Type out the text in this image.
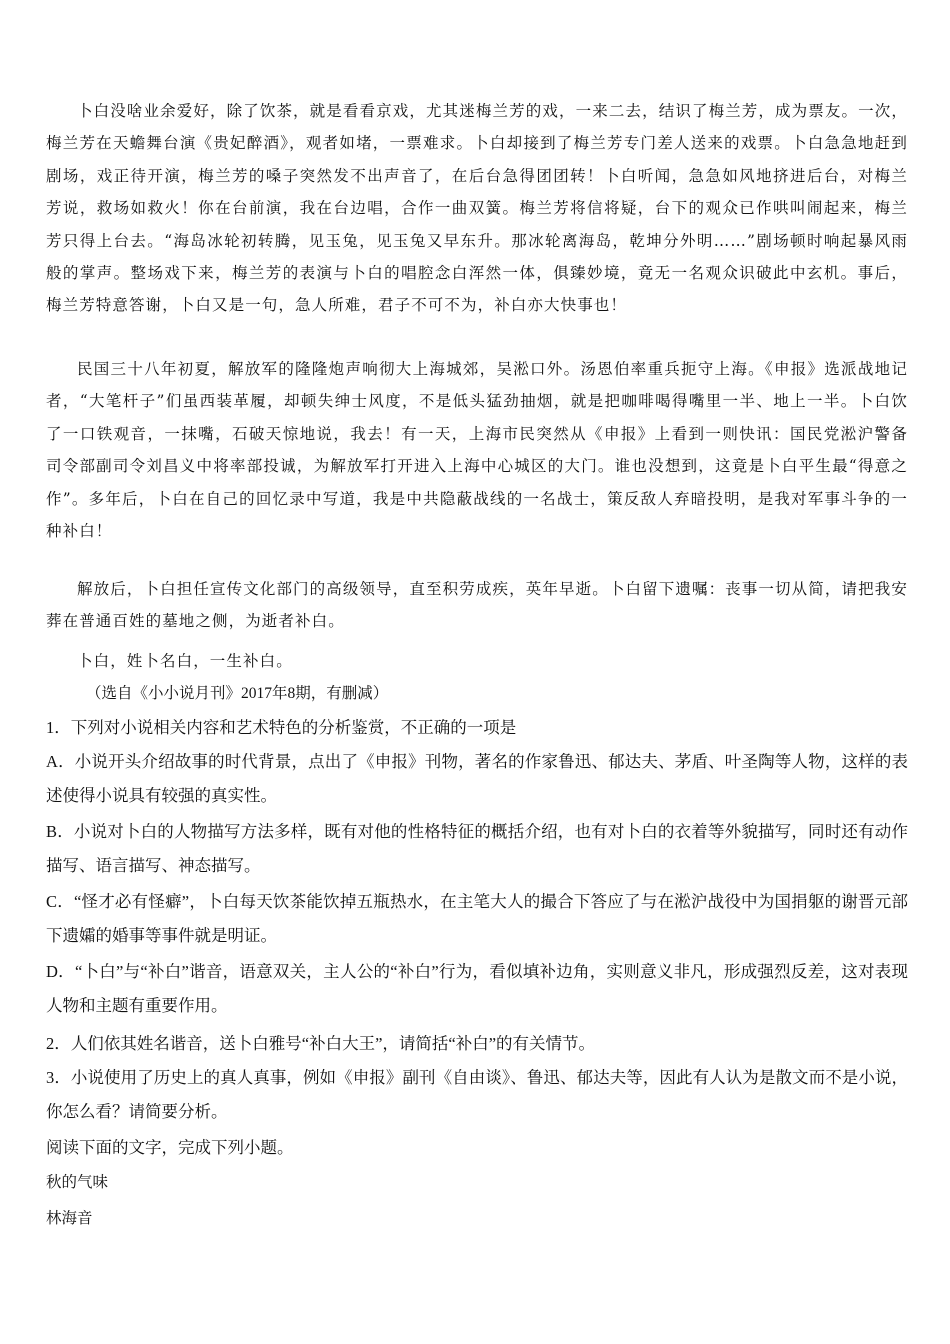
卜白没啥业余爱好，除了饮茶，就是看看京戏，尤其迷梅兰芳的戏，一来二去，结识了梅兰芳，成为票友。一次，梅兰芳在天蟾舞台演《贵妃醉酒》，观者如堵，一票难求。卜白却接到了梅兰芳专门差人送来的戏票。卜白急急地赶到剧场，戏正待开演，梅兰芳的嗓子突然发不出声音了，在后台急得团团转！卜白听闻，急急如风地挤进后台，对梅兰芳说，救场如救火！你在台前演，我在台边唱，合作一曲双簧。梅兰芳将信将疑，台下的观众已作哄叫闹起来，梅兰芳只得上台去。“海岛冰轮初转腾，见玉兔，见玉兔又早东升。那冰轮离海岛，乾坤分外明……”剧场顿时响起暴风雨般的掌声。整场戏下来，梅兰芳的表演与卜白的唱腔念白浑然一体，俱臻妙境，竟无一名观众识破此中玄机。事后，梅兰芳特意答谢，卜白又是一句，急人所难，君子不可不为，补白亦大快事也！

民国三十八年初夏，解放军的隆隆炮声响彻大上海城郊，吴淞口外。汤恩伯率重兵扼守上海。《申报》选派战地记者，“大笔杆子”们虽西装革履，却顿失绅士风度，不是低头猛劲抽烟，就是把咖啡喝得嘴里一半、地上一半。卜白饮了一口铁观音，一抹嘴，石破天惊地说，我去！有一天，上海市民突然从《申报》上看到一则快讯：国民党淞沪警备司令部副司令刘昌义中将率部投诚，为解放军打开进入上海中心城区的大门。谁也没想到，这竟是卜白平生最“得意之作”。多年后，卜白在自己的回忆录中写道，我是中共隐蔽战线的一名战士，策反敌人弃暗投明，是我对军事斗争的一种补白！

解放后，卜白担任宣传文化部门的高级领导，直至积劳成疾，英年早逝。卜白留下遗嘱：丧事一切从简，请把我安葬在普通百姓的墓地之侧，为逝者补白。

卜白，姓卜名白，一生补白。

（选自《小小说月刊》2017年8期，有删减）

1．下列对小说相关内容和艺术特色的分析鉴赏，不正确的一项是

A．小说开头介绍故事的时代背景，点出了《申报》刊物，著名的作家鲁迅、郁达夫、茅盾、叶圣陶等人物，这样的表述使得小说具有较强的真实性。

B．小说对卜白的人物描写方法多样，既有对他的性格特征的概括介绍，也有对卜白的衣着等外貌描写，同时还有动作描写、语言描写、神态描写。

C．“怪才必有怪癖”，卜白每天饮茶能饮掉五瓶热水，在主笔大人的撮合下答应了与在淞沪战役中为国捐躯的谢晋元部下遗孀的婚事等事件就是明证。

D．“卜白”与“补白”谐音，语意双关，主人公的“补白”行为，看似填补边角，实则意义非凡，形成强烈反差，这对表现人物和主题有重要作用。

2．人们依其姓名谐音，送卜白雅号“补白大王”，请简括“补白”的有关情节。

3．小说使用了历史上的真人真事，例如《申报》副刊《自由谈》、鲁迅、郁达夫等，因此有人认为是散文而不是小说，你怎么看？请简要分析。

阅读下面的文字，完成下列小题。

秋的气味

林海音
